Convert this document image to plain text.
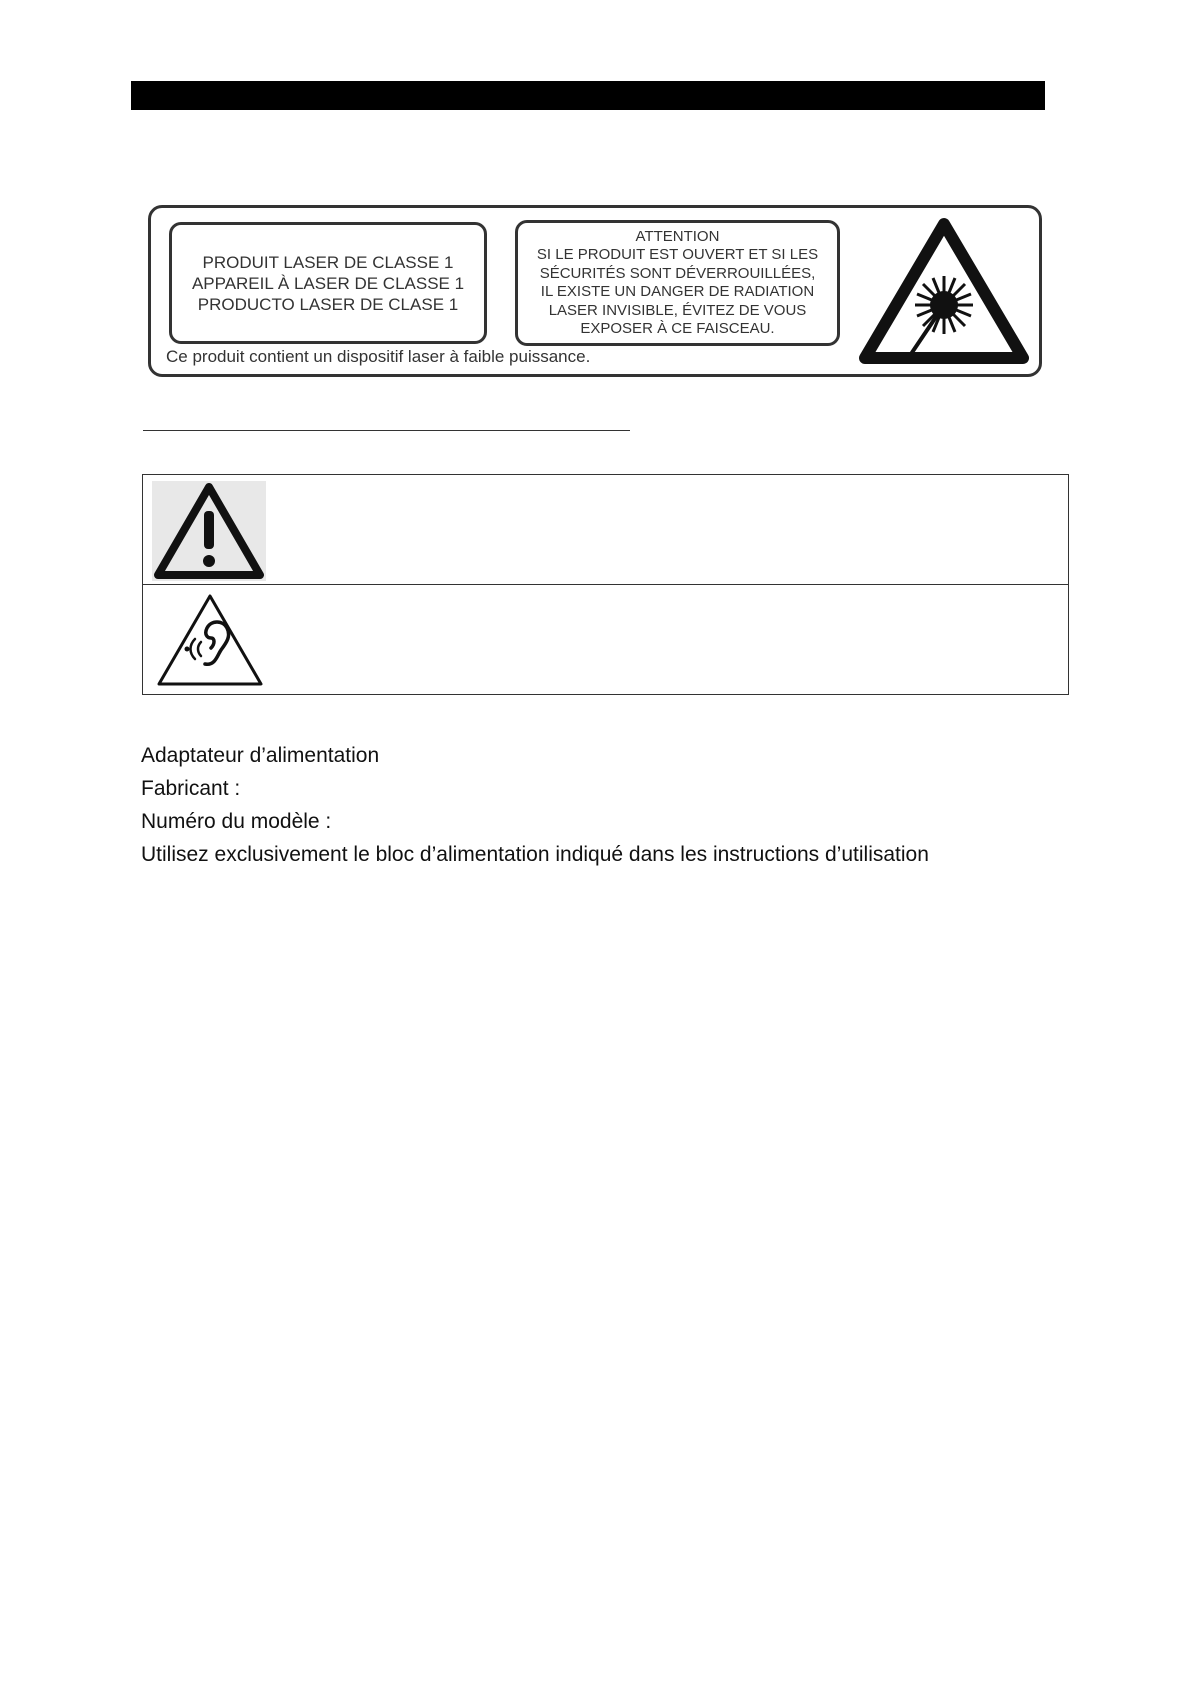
PRODUIT LASER DE CLASSE 1
APPAREIL À LASER DE CLASSE 1
PRODUCTO LASER DE CLASE 1
ATTENTION
SI LE PRODUIT EST OUVERT ET SI LES
SÉCURITÉS SONT DÉVERROUILLÉES,
IL EXISTE UN DANGER DE RADIATION
LASER INVISIBLE, ÉVITEZ DE VOUS
EXPOSER À CE FAISCEAU.
Ce produit contient un dispositif laser à faible puissance.
Adaptateur d’alimentation
Fabricant :
Numéro du modèle :
Utilisez exclusivement le bloc d’alimentation indiqué dans les instructions d’utilisation
